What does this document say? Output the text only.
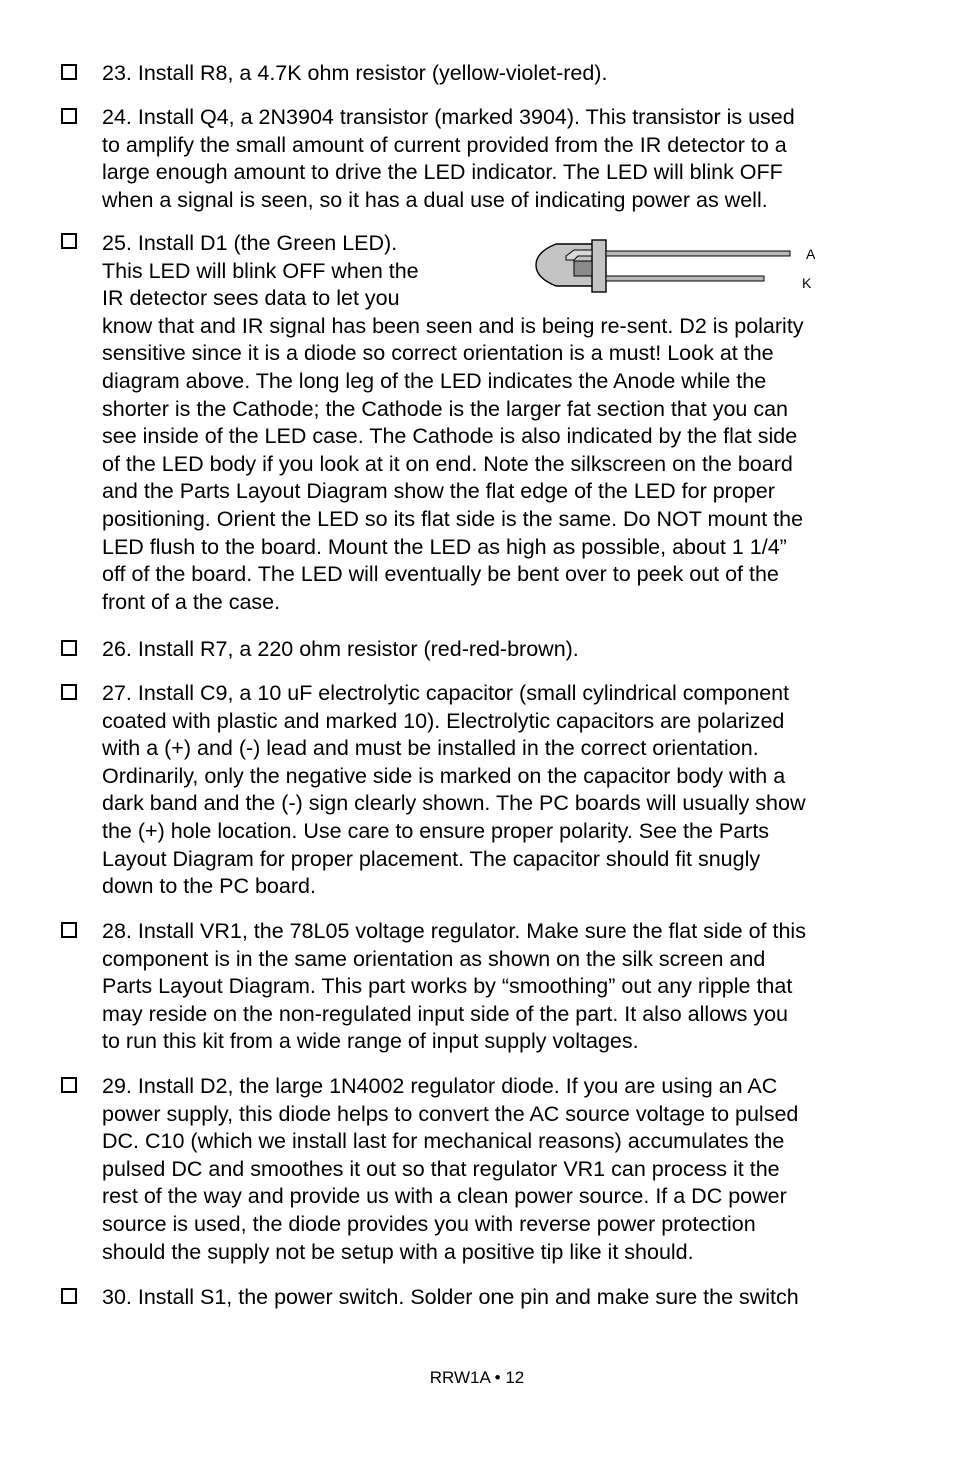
23. Install R8, a 4.7K ohm resistor (yellow-violet-red).

24. Install Q4, a 2N3904 transistor (marked 3904). This transistor is used

to amplify the small amount of current provided from the IR detector to a

large enough amount to drive the LED indicator. The LED will blink OFF

when a signal is seen, so it has a dual use of indicating power as well.

25. Install D1 (the Green LED).

This LED will blink OFF when the

IR detector sees data to let you

know that and IR signal has been seen and is being re-sent. D2 is polarity

sensitive since it is a diode so correct orientation is a must! Look at the

diagram above. The long leg of the LED indicates the Anode while the

shorter is the Cathode; the Cathode is the larger fat section that you can

see inside of the LED case. The Cathode is also indicated by the flat side

of the LED body if you look at it on end. Note the silkscreen on the board

and the Parts Layout Diagram show the flat edge of the LED for proper

positioning. Orient the LED so its flat side is the same. Do NOT mount the

LED flush to the board. Mount the LED as high as possible, about 1 1/4”

off of the board. The LED will eventually be bent over to peek out of the

front of a the case.

A
K

26. Install R7, a 220 ohm resistor (red-red-brown).

27. Install C9, a 10 uF electrolytic capacitor (small cylindrical component

coated with plastic and marked 10). Electrolytic capacitors are polarized

with a (+) and (-) lead and must be installed in the correct orientation.

Ordinarily, only the negative side is marked on the capacitor body with a

dark band and the (-) sign clearly shown. The PC boards will usually show

the (+) hole location. Use care to ensure proper polarity. See the Parts

Layout Diagram for proper placement. The capacitor should fit snugly

down to the PC board.

28. Install VR1, the 78L05 voltage regulator. Make sure the flat side of this

component is in the same orientation as shown on the silk screen and

Parts Layout Diagram. This part works by “smoothing” out any ripple that

may reside on the non-regulated input side of the part. It also allows you

to run this kit from a wide range of input supply voltages.

29. Install D2, the large 1N4002 regulator diode. If you are using an AC

power supply, this diode helps to convert the AC source voltage to pulsed

DC. C10 (which we install last for mechanical reasons) accumulates the

pulsed DC and smoothes it out so that regulator VR1 can process it the

rest of the way and provide us with a clean power source. If a DC power

source is used, the diode provides you with reverse power protection

should the supply not be setup with a positive tip like it should.

30. Install S1, the power switch. Solder one pin and make sure the switch

RRW1A • 12
